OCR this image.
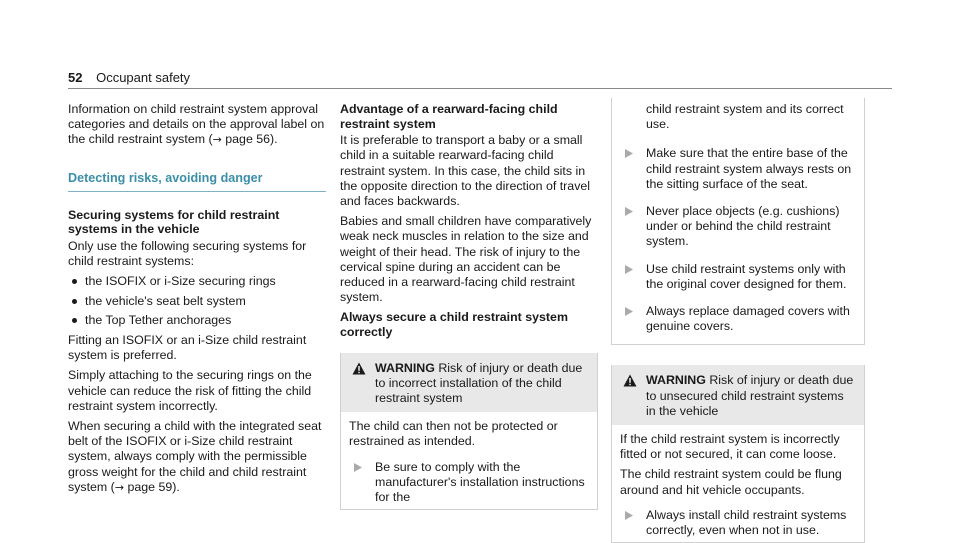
52 Occupant safety

Information on child restraint system approval categories and details on the approval label on the child restraint system (→ page 56).

Detecting risks, avoiding danger
Securing systems for child restraint systems in the vehicle

Only use the following securing systems for child restraint systems:

the ISOFIX or i-Size securing rings
the vehicle's seat belt system
the Top Tether anchorages

Fitting an ISOFIX or an i-Size child restraint system is preferred.

Simply attaching to the securing rings on the vehicle can reduce the risk of fitting the child restraint system incorrectly.

When securing a child with the integrated seat belt of the ISOFIX or i-Size child restraint system, always comply with the permissible gross weight for the child and child restraint system (→ page 59).

Advantage of a rearward-facing child restraint system

It is preferable to transport a baby or a small child in a suitable rearward-facing child restraint system. In this case, the child sits in the opposite direction to the direction of travel and faces backwards.

Babies and small children have comparatively weak neck muscles in relation to the size and weight of their head. The risk of injury to the cervical spine during an accident can be reduced in a rearward-facing child restraint system.

Always secure a child restraint system correctly
WARNING Risk of injury or death due to incorrect installation of the child restraint system

The child can then not be protected or restrained as intended.

Be sure to comply with the manufacturer's installation instructions for the
child restraint system and its correct use.
Make sure that the entire base of the child restraint system always rests on the sitting surface of the seat.
Never place objects (e.g. cushions) under or behind the child restraint system.
Use child restraint systems only with the original cover designed for them.
Always replace damaged covers with genuine covers.
WARNING Risk of injury or death due to unsecured child restraint systems in the vehicle

If the child restraint system is incorrectly fitted or not secured, it can come loose.

The child restraint system could be flung around and hit vehicle occupants.

Always install child restraint systems correctly, even when not in use.
